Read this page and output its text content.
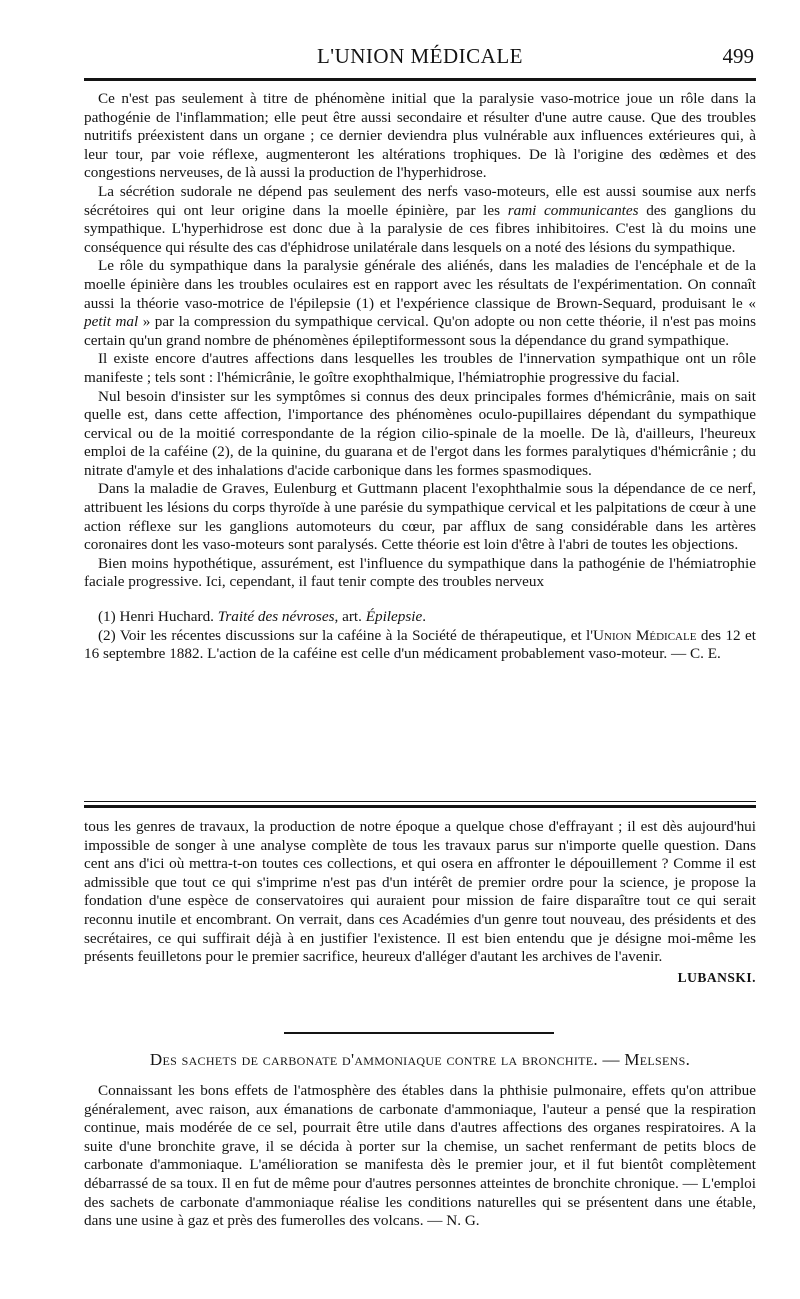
L'UNION MÉDICALE	499

Ce n'est pas seulement à titre de phénomène initial que la paralysie vaso-motrice joue un rôle dans la pathogénie de l'inflammation; elle peut être aussi secondaire et résulter d'une autre cause. Que des troubles nutritifs préexistent dans un organe ; ce dernier deviendra plus vulnérable aux influences extérieures qui, à leur tour, par voie réflexe, augmenteront les altérations trophiques. De là l'origine des œdèmes et des congestions nerveuses, de là aussi la production de l'hyperhidrose.

La sécrétion sudorale ne dépend pas seulement des nerfs vaso-moteurs, elle est aussi soumise aux nerfs sécrétoires qui ont leur origine dans la moelle épinière, par les rami communicantes des ganglions du sympathique. L'hyperhidrose est donc due à la paralysie de ces fibres inhibitoires. C'est là du moins une conséquence qui résulte des cas d'éphidrose unilatérale dans lesquels on a noté des lésions du sympathique.

Le rôle du sympathique dans la paralysie générale des aliénés, dans les maladies de l'encéphale et de la moelle épinière dans les troubles oculaires est en rapport avec les résultats de l'expérimentation. On connaît aussi la théorie vaso-motrice de l'épilepsie (1) et l'expérience classique de Brown-Sequard, produisant le « petit mal » par la compression du sympathique cervical. Qu'on adopte ou non cette théorie, il n'est pas moins certain qu'un grand nombre de phénomènes épileptiformessont sous la dépendance du grand sympathique.

Il existe encore d'autres affections dans lesquelles les troubles de l'innervation sympathique ont un rôle manifeste ; tels sont : l'hémicrânie, le goître exophthalmique, l'hémiatrophie progressive du facial.

Nul besoin d'insister sur les symptômes si connus des deux principales formes d'hémicrânie, mais on sait quelle est, dans cette affection, l'importance des phénomènes oculo-pupillaires dépendant du sympathique cervical ou de la moitié correspondante de la région cilio-spinale de la moelle. De là, d'ailleurs, l'heureux emploi de la caféine (2), de la quinine, du guarana et de l'ergot dans les formes paralytiques d'hémicrânie ; du nitrate d'amyle et des inhalations d'acide carbonique dans les formes spasmodiques.

Dans la maladie de Graves, Eulenburg et Guttmann placent l'exophthalmie sous la dépendance de ce nerf, attribuent les lésions du corps thyroïde à une parésie du sympathique cervical et les palpitations de cœur à une action réflexe sur les ganglions automoteurs du cœur, par afflux de sang considérable dans les artères coronaires dont les vaso-moteurs sont paralysés. Cette théorie est loin d'être à l'abri de toutes les objections.

Bien moins hypothétique, assurément, est l'influence du sympathique dans la pathogénie de l'hémiatrophie faciale progressive. Ici, cependant, il faut tenir compte des troubles nerveux

(1) Henri Huchard. Traité des névroses, art. Épilepsie.

(2) Voir les récentes discussions sur la caféine à la Société de thérapeutique, et l'Union Médicale des 12 et 16 septembre 1882. L'action de la caféine est celle d'un médicament probablement vaso-moteur. — C. E.

tous les genres de travaux, la production de notre époque a quelque chose d'effrayant ; il est dès aujourd'hui impossible de songer à une analyse complète de tous les travaux parus sur n'importe quelle question. Dans cent ans d'ici où mettra-t-on toutes ces collections, et qui osera en affronter le dépouillement ? Comme il est admissible que tout ce qui s'imprime n'est pas d'un intérêt de premier ordre pour la science, je propose la fondation d'une espèce de conservatoires qui auraient pour mission de faire disparaître tout ce qui serait reconnu inutile et encombrant. On verrait, dans ces Académies d'un genre tout nouveau, des présidents et des secrétaires, ce qui suffirait déjà à en justifier l'existence. Il est bien entendu que je désigne moi-même les présents feuilletons pour le premier sacrifice, heureux d'alléger d'autant les archives de l'avenir.

LUBANSKI.
Des sachets de carbonate d'ammoniaque contre la bronchite. — Melsens.

Connaissant les bons effets de l'atmosphère des étables dans la phthisie pulmonaire, effets qu'on attribue généralement, avec raison, aux émanations de carbonate d'ammoniaque, l'auteur a pensé que la respiration continue, mais modérée de ce sel, pourrait être utile dans d'autres affections des organes respiratoires. A la suite d'une bronchite grave, il se décida à porter sur la chemise, un sachet renfermant de petits blocs de carbonate d'ammoniaque. L'amélioration se manifesta dès le premier jour, et il fut bientôt complètement débarrassé de sa toux. Il en fut de même pour d'autres personnes atteintes de bronchite chronique. — L'emploi des sachets de carbonate d'ammoniaque réalise les conditions naturelles qui se présentent dans une étable, dans une usine à gaz et près des fumerolles des volcans. — N. G.
